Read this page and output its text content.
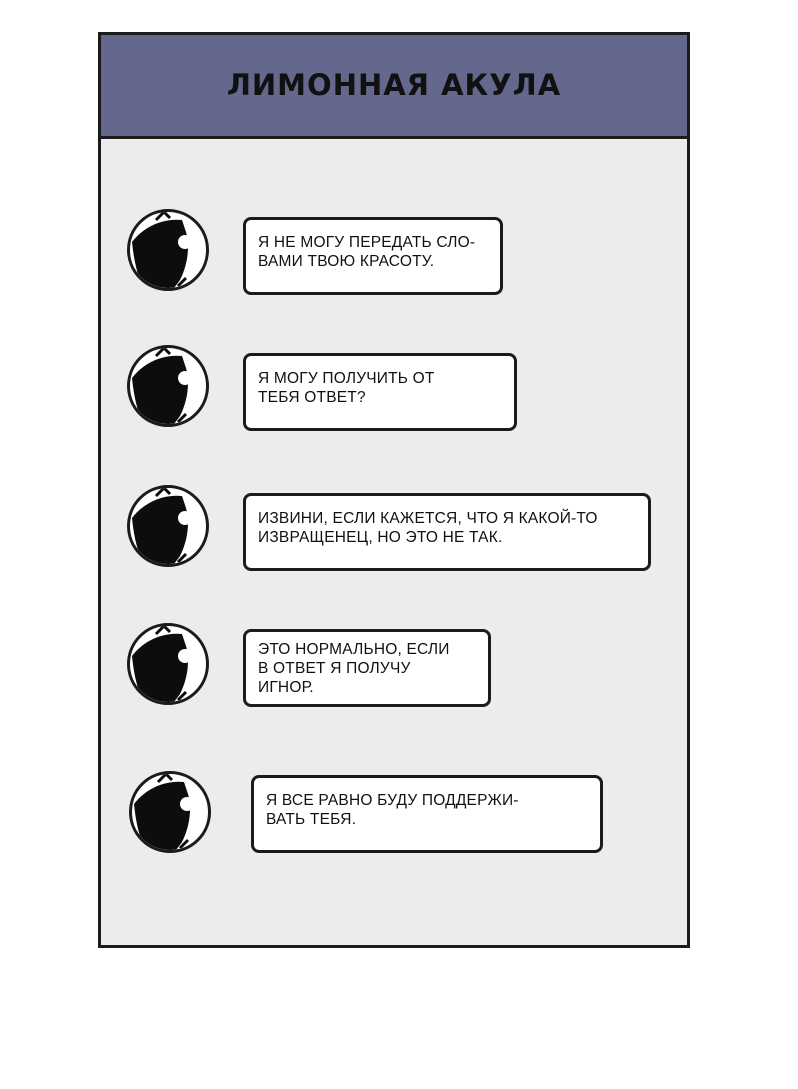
ЛИМОННАЯ АКУЛА
Я НЕ МОГУ ПЕРЕДАТЬ СЛО-
ВАМИ ТВОЮ КРАСОТУ.
Я МОГУ ПОЛУЧИТЬ ОТ
ТЕБЯ ОТВЕТ?
ИЗВИНИ, ЕСЛИ КАЖЕТСЯ, ЧТО Я КАКОЙ-ТО
ИЗВРАЩЕНЕЦ, НО ЭТО НЕ ТАК.
ЭТО НОРМАЛЬНО, ЕСЛИ
В ОТВЕТ Я ПОЛУЧУ
ИГНОР.
Я ВСЕ РАВНО БУДУ ПОДДЕРЖИ-
ВАТЬ ТЕБЯ.
